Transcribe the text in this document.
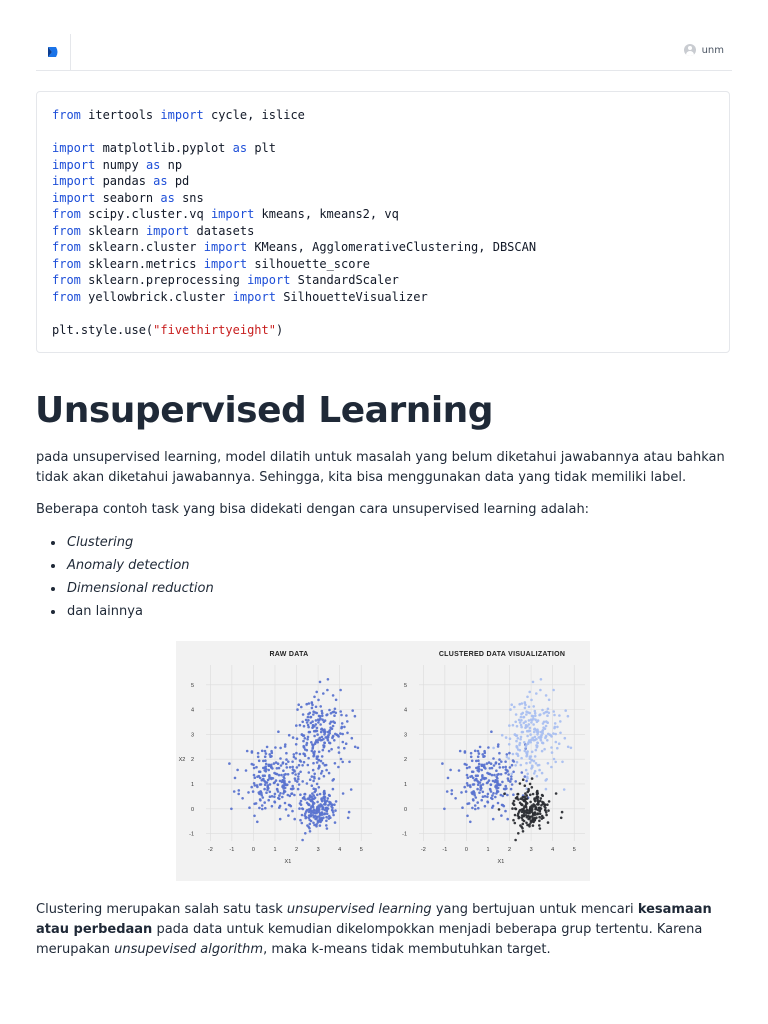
unm
from itertools import cycle, islice

import matplotlib.pyplot as plt
import numpy as np
import pandas as pd
import seaborn as sns
from scipy.cluster.vq import kmeans, kmeans2, vq
from sklearn import datasets
from sklearn.cluster import KMeans, AgglomerativeClustering, DBSCAN
from sklearn.metrics import silhouette_score
from sklearn.preprocessing import StandardScaler
from yellowbrick.cluster import SilhouetteVisualizer

plt.style.use("fivethirtyeight")
Unsupervised Learning

pada unsupervised learning, model dilatih untuk masalah yang belum diketahui jawabannya atau bahkan tidak akan diketahui jawabannya. Sehingga, kita bisa menggunakan data yang tidak memiliki label.

Beberapa contoh task yang bisa didekati dengan cara unsupervised learning adalah:

Clustering
Anomaly detection
Dimensional reduction
dan lainnya
RAW DATA
-2	-1	0	1	2	3	4	5
-1
0
1
2
3
4
5
X1
X2
CLUSTERED DATA VISUALIZATION
-2	-1	0	1	2	3	4	5
-1
0
1
2
3
4
5
X1

Clustering merupakan salah satu task unsupervised learning yang bertujuan untuk mencari kesamaan atau perbedaan pada data untuk kemudian dikelompokkan menjadi beberapa grup tertentu. Karena merupakan unsupevised algorithm, maka k-means tidak membutuhkan target.
